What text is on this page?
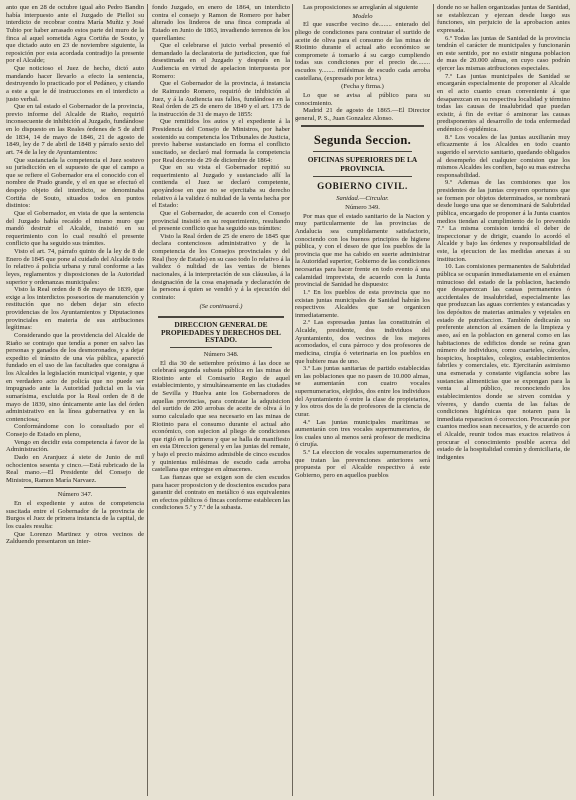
anto que en 28 de octubre igual año Pedro Bandin había interpuesto ante el Juzgado de Pielloi su interdicto de recobrar contra María Muñiz y José Tubio por haber arrasado estos parte del muro de la finca al aquel sometida Agra Cortiña de Souto, y que dictado auto en 23 de noviembre siguiente, la reposición por esta acordada contradijo la presente por el Alcalde;

Que noticioso el Juez de hecho, dictó auto mandando hacer llevarlo a efecto la sentencia, destruyendo lo practicado por el Pedáneo, y citando a este a que le dé instrucciones en el interdicto a justo verbal.

Que en tal estado el Gobernador de la provincia, previo informe del Alcalde de Riaño, requirió inconsecuente de inhibición al Juzgado, fundándose en lo dispuesto en las Reales órdenes de 5 de abril de 1834, 14 de mayo de 1846, 21 de agosto de 1849, ley de 7 de abril de 1848 y párrafo sexto del art. 74 de la ley de Ayuntamientos:

Que sustanciada la competencia el Juez sostuvo su jurisdicción en el supuesto de que el campo a que se refiere el Gobernador era el conocido con el nombre de Prado grande, y el en que se efectuó el despojo objeto del interdicto, se denominaba Cortiña de Souto, situados todos en puntos distintos:

Que el Gobernador, en vista de que la sentencia del Juzgado había recaído el mismo muro que mandó destruir el Alcalde, insistió en su requerimiento con lo cual resultó el presente conflicto que ha seguido sus trámites.

Visto el art. 74, párrafo quinto de la ley de 8 de Enero de 1845 que pone al cuidado del Alcalde todo lo relativo á policía urbana y rural conforme a las leyes, reglamentos y disposiciones de la Autoridad superior y ordenanzas municipales:

Visto la Real orden de 8 de mayo de 1839, que exige a los interdictos posesorios de manutención y restitución que no deben dejar sin efecto providencias de los Ayuntamientos y Diputaciones provinciales en materia de sus atribuciones legítimas:

Considerando que la providencia del Alcalde de Riaño se contrajo que tendía a poner en salvo las personas y ganados de los desmoronados, y a dejar expedito el tránsito de una vía pública, apareció fundado en el uso de las facultades que consigna á los Alcaldes la legislación municipal vigente, y que en verdadero acto de policía que no puede ser impugnado ante la Autoridad judicial en la vía sumarísima, excluida por la Real orden de 8 de mayo de 1839, sino únicamente ante las del órden administrativo en la línea gubernativa y en la contenciosa;

Conformándome con lo consultado por el Consejo de Estado en pleno,

Vengo en decidir esta competencia á favor de la Administración.

Dado en Aranjuez á siete de Junio de mil ochocientos sesenta y cinco.—Está rubricado de la Real mano.—El Presidente del Consejo de Ministros, Ramon María Narvaez.

Número 347.

En el expediente y autos de competencia suscitada entre el Gobernador de la provincia de Burgos el Juez de primera instancia de la capital, de los cuales resulta:

Que Lorenzo Martinez y otros vecinos de Zalduendo presentaron un inter-

fondo Juzgado, en enero de 1864, un interdicto contra el consejo y Ramon de Romero por haber alterado los linderos de una finca comprada al Estado en Junio de 1863, invadiendo terrenos de los querellantes:

Que el celebrarse el juicio verbal presentó el demandado la declaratoria de jurisdiccion, que fué desestimada en el Juzgado y después en la Audiencia en virtud de apelacion interpuesta por Romero:

Que el Gobernador de la provincia, á instancia de Raimundo Romero, requirió de inhibición al Juez, y á la Audiencia sus fallos, fundándose en la Real órden de 25 de enero de 1849 y el art. 173 de la instrucción de 31 de mayo de 1855:

Que remitidos los autos y el expediente á la Presidencia del Consejo de Ministros, por haber sostenido su competencia los Tribunales de Justicia, previo haberse sustanciado en forma el conflicto suscitado, se declaró mal formada la competencia por Real decreto de 29 de diciembre de 1864:

Que en su vista el Gobernador repitió su requerimiento al Juzgado y sustanciado allí la contienda el Juez se declaró competente, apoyándose en que no se ejercitaba su derecho relativo á la validez ó nulidad de la venta hecha por el Estado:

Que el Gobernador, de acuerdo con el Consejo provincial insistió en su requerimiento, resultando el presente conflicto que ha seguido sus trámites:

Visto la Real órden de 25 de enero de 1845 que declara contenciosos administrativo y de la competencia de los Consejos provinciales y del Real (hoy de Estado) en su caso todo lo relativo á la validez ó nulidad de las ventas de bienes nacionales, á la interpretación de sus cláusulas, á la designación de la cosa enajenada y declaración de la persona á quien se vendió y á la ejecución del contrato:

(Se continuará.)

DIRECCION GENERAL DE PROPIEDADES Y DERECHOS DEL ESTADO.

Número 348.

El dia 30 de setiembre próximo á las doce se celebrará segunda subasta pública en las minas de Riotinto ante el Comisario Regio de aquel establecimiento, y simultáneamente en las ciudades de Sevilla y Huelva ante los Gobernadores de aquellas provincias, para contratar la adquisicion del surtido de 200 arrobas de aceite de oliva á lo sumo calculado que sea necesario en las minas de Riotinto para el consumo durante el actual año económico, con sujecion al pliego de condiciones que rigió en la primera y que se halla de manifiesto en esta Direccion general y en las juntas del remate, y bajo el precio máximo admisible de cinco escudos y quinientas milésimas de escudo cada arroba castellana que entregue en almacenes.

Las fianzas que se exigen son de cien escudos para hacer proposicion y de doscientos escudos para garantir del contrato en metálico ó sus equivalentes en efectos públicos ó fincas conforme establecen las condiciones 5.ª y 7.ª de la subasta.

Las proposiciones se arreglarán al siguiente

Modelo

El que suscribe vecino de........ enterado del pliego de condiciones para contratar el surtido de aceite de oliva para el consumo de las minas de Riotinto durante el actual año económico se compromete á tomarlo á su cargo cumpliendo todas sus condiciones por el precio de........ escudos y........ milésimas de escudo cada arroba castellana, (expresado por letra.)

(Fecha y firma.)

Lo que se avisa al público para su conocimiento.

Madrid 21 de agosto de 1865.—El Director general, P. S., Juan Gonzalez Alonso.

Segunda Seccion.

OFICINAS SUPERIORES DE LA PROVINCIA.

GOBIERNO CIVIL.

Sanidad.—Circular.

Número 349.

Por mas que el estado sanitario de la Nacion y muy particularmente de las provincias de Andalucia sea cumplidamente satisfactorio, conociendo con los buenos principios de higiene pública, y con el deseo de que los pueblos de la provincia que me ha cabido en suerte administrar la Autoridad superior, Gobierno de las condiciones necesarias para hacer frente en todo evento á una calamidad imprevista, de acuerdo con la Junta provincial de Sanidad he dispuesto:

1.º En los pueblos de esta provincia que no existan juntas municipales de Sanidad habrán los respectivos Alcaldes que se organicen inmediatamente.

2.º Las espresadas juntas las constituirán el Alcalde, presidente, dos individuos del Ayuntamiento, dos vecinos de los mejores acomodados, el cura párroco y dos profesores de medicina, cirujía ó veterinaria en los pueblos en que hubiere mas de uno.

3.º Las juntas sanitarias de partido establecidas en las poblaciones que no pasen de 10.000 almas, se aumentarán con cuatro vocales supernumerarios, elejidos, dos entre los individuos del Ayuntamiento ó entre la clase de propietarios, y los otros dos de la de profesores de la ciencia de curar.

4.º Las juntas municipales marítimas se aumentarán con tres vocales supernumerarios, de los cuales uno al menos será profesor de medicina ó cirujía.

5.º La eleccion de vocales supernumerarios de que tratan las prevenciones anteriores será propuesta por el Alcalde respectivo á este Gobierno, pero en aquellos pueblos

donde no se hallen organizadas juntas de Sanidad, se establezcan y ejerzan desde luego sus funciones, sin perjuicio de la aprobacion antes expresada.

6.º Todas las juntas de Sanidad de la provincia tendrán el carácter de municipales y funcionarán en este sentido, por no existir ninguna poblacion de mas de 20.000 almas, en cuyo caso podrán ejercer las mismas atribuciones especiales.

7.º Las juntas municipales de Sanidad se encargarán especialmente de proponer al Alcalde en el acto cuanto crean conveniente á que desaparezcan en su respectiva localidad y término todas las causas de insalubridad que puedan existir, á fin de evitar ó aminorar las causas predisponentes al desarrollo de toda enfermedad endémico ó epidémica.

8.º Los vocales de las juntas auxiliarán muy eficazmente á los Alcaldes en todo cuanto sugerido el servicio sanitario, quedando obligados al desempeño del cualquier comision que los mismos Alcaldes les confien, bajo su mas estrecha responsabilidad.

9.º Ademas de las comisiones que los presidentes de las juntas creyeren oportunos que se formen por objetos determinados, se nombrará desde luego una que se denominará de Salubridad pública, encargado de proponer á la Junta cuantos medios tiendan al cumplimiento de lo prevenido 7.º La misma comision tendrá el deber de inspeccionar y de dirigir, cuando lo acordó el Alcalde y bajo las órdenes y responsabilidad de este, la ejecucion de las medidas anexas á su institucion.

10. Las comisiones permanentes de Salubridad pública se ocuparán inmediatamente en el exámen minucioso del estado de la poblacion, haciendo que desaparezcan las causas permanentes ó accidentales de insalubridad, especialmente las que produzcan las aguas corrientes y estancadas y los depósitos de materias animales y vejetales en estado de putrefaccion. También dedicarán su preferente atencion al exámen de la limpieza y aseo, así en la poblacion en general como en las habitaciones de edificios donde se reúna gran número de individuos, como cuarteles, cárceles, hospicios, hospitales, colegios, establecimientos fabriles y comerciales, etc. Ejercitarán asimismo una esmerada y constante vigilancia sobre las sustancias alimenticias que se expongan para la venta al público, reconociendo los establecimientos donde se sirven comidas y víveres, y dando cuenta de las faltas de condiciones higiénicas que notaren para la inmediata reparacion ó correccion. Procurarán por cuantos medios sean necesarios, y de acuerdo con el Alcalde, reunir todos mas exactos relativos á procurar el conocimiento posible acerca del estado de la hospitalidad común y domiciliaria, de indigentes
